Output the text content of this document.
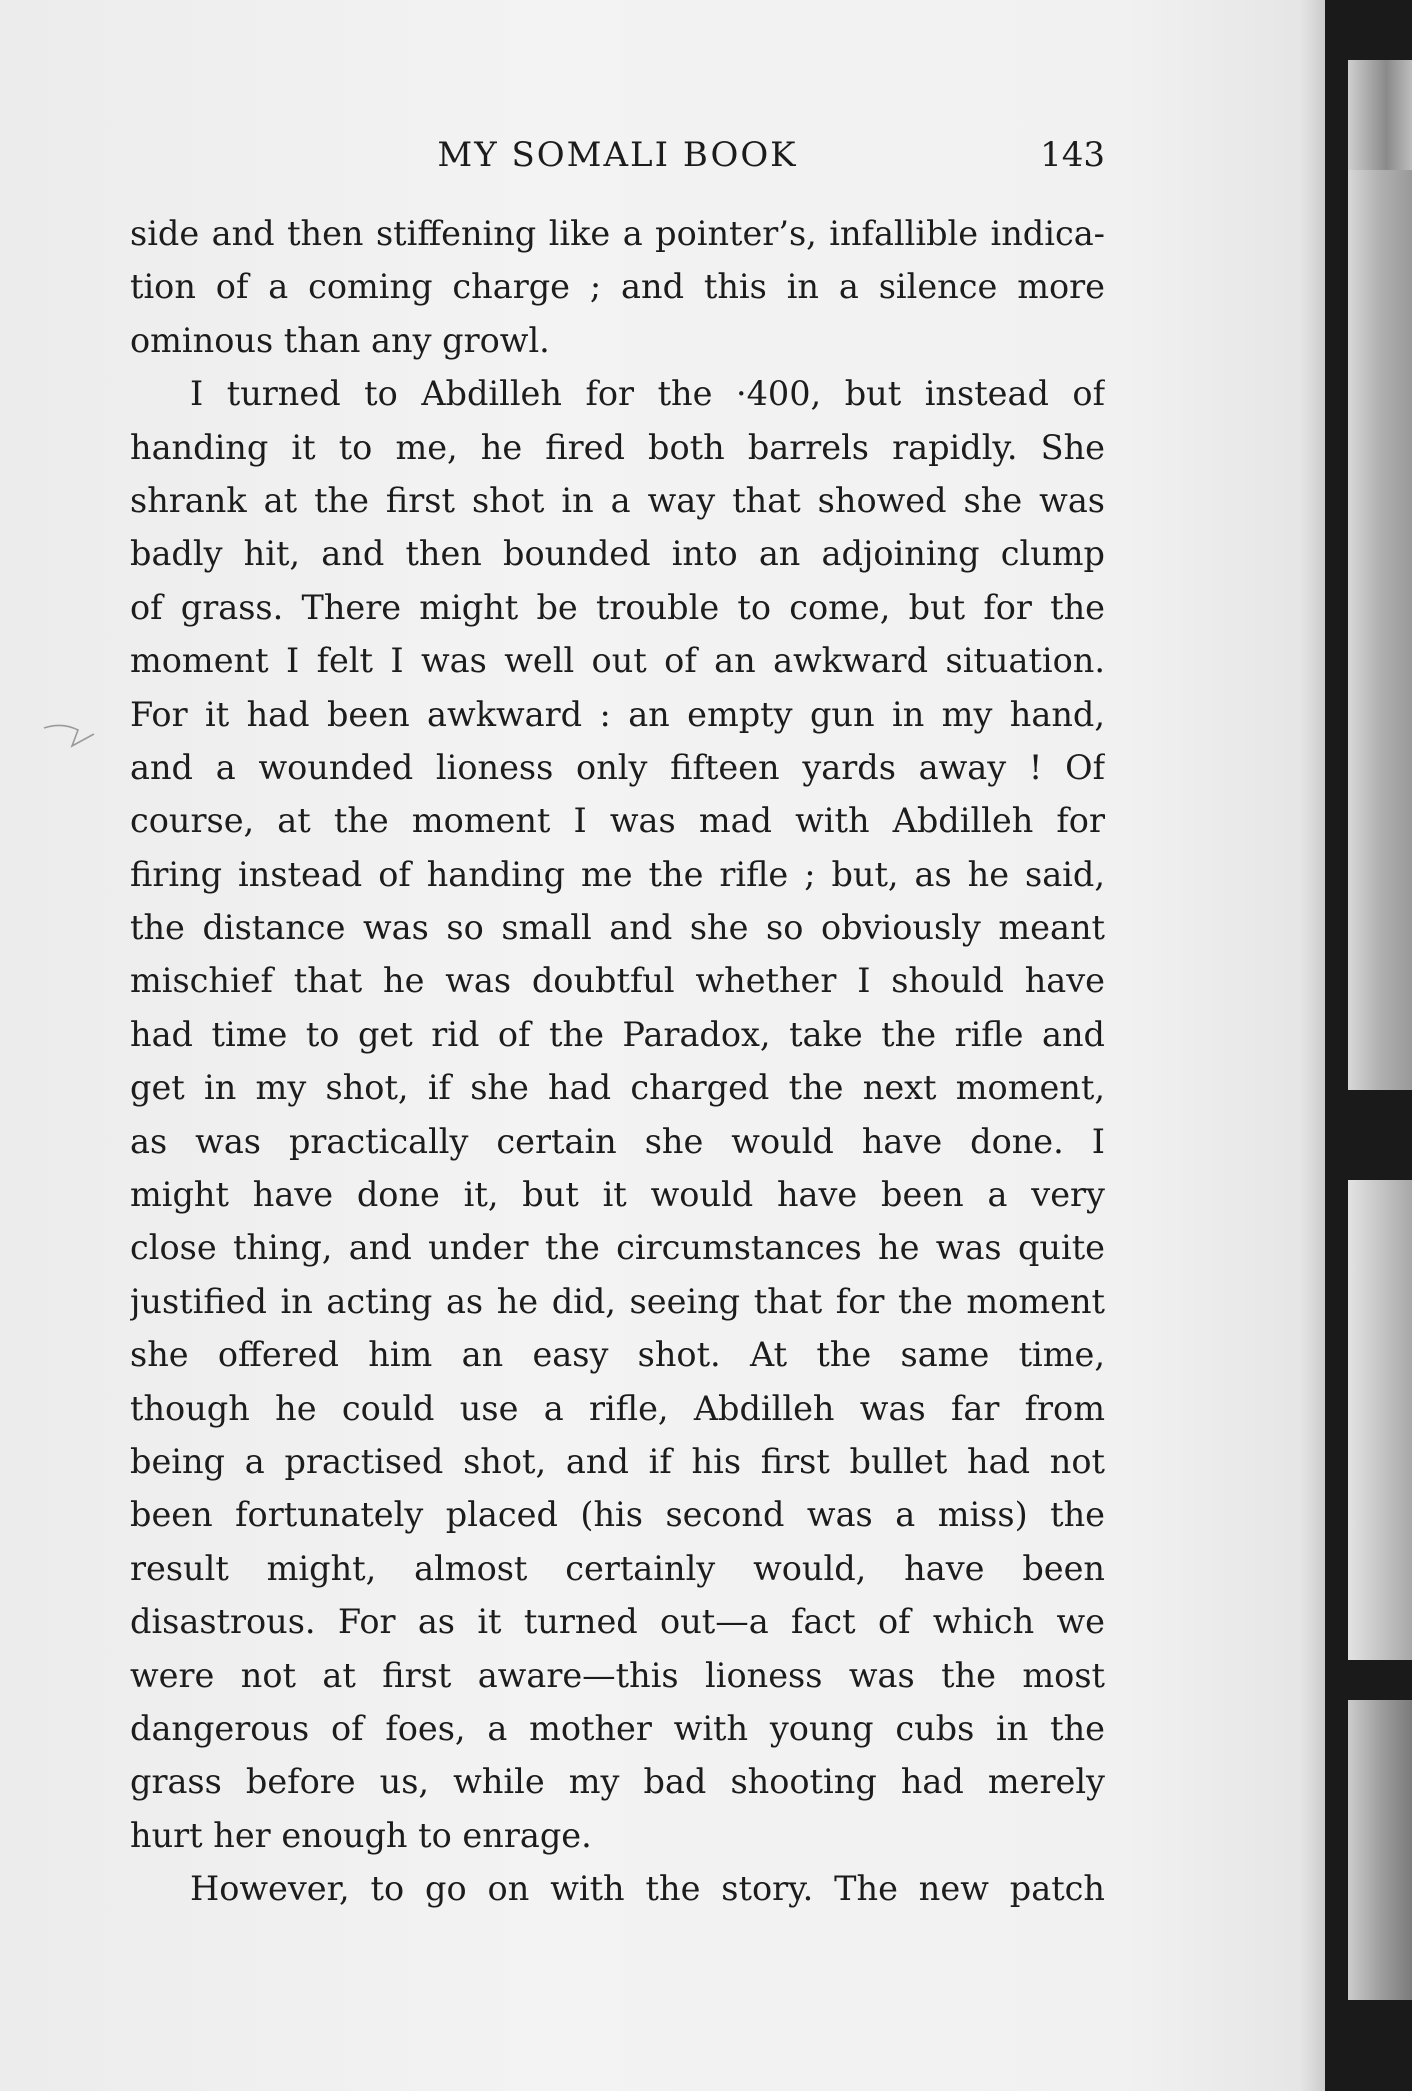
MY SOMALI BOOK	143
side and then stiffening like a pointer’s, infallible indica-
tion of a coming charge ; and this in a silence more
ominous than any growl.
I turned to Abdilleh for the ·400, but instead of
handing it to me, he fired both barrels rapidly. She
shrank at the first shot in a way that showed she was
badly hit, and then bounded into an adjoining clump
of grass. There might be trouble to come, but for the
moment I felt I was well out of an awkward situation.
For it had been awkward : an empty gun in my hand,
and a wounded lioness only fifteen yards away ! Of
course, at the moment I was mad with Abdilleh for
firing instead of handing me the rifle ; but, as he said,
the distance was so small and she so obviously meant
mischief that he was doubtful whether I should have
had time to get rid of the Paradox, take the rifle and
get in my shot, if she had charged the next moment,
as was practically certain she would have done. I
might have done it, but it would have been a very
close thing, and under the circumstances he was quite
justified in acting as he did, seeing that for the moment
she offered him an easy shot. At the same time,
though he could use a rifle, Abdilleh was far from
being a practised shot, and if his first bullet had not
been fortunately placed (his second was a miss) the
result might, almost certainly would, have been
disastrous. For as it turned out—a fact of which we
were not at first aware—this lioness was the most
dangerous of foes, a mother with young cubs in the
grass before us, while my bad shooting had merely
hurt her enough to enrage.
However, to go on with the story. The new patch
